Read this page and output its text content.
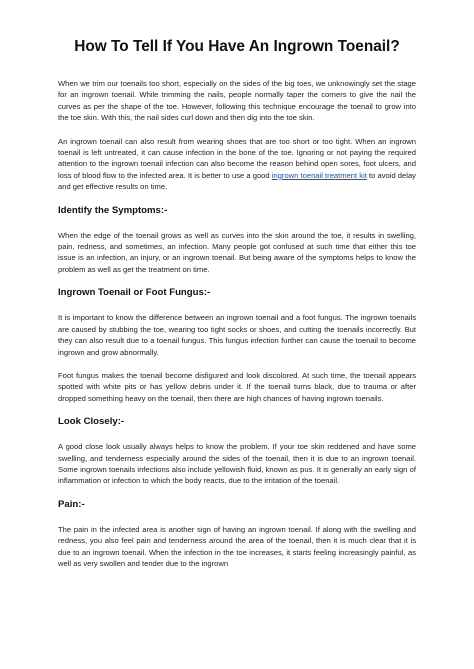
How To Tell If You Have An Ingrown Toenail?

When we trim our toenails too short, especially on the sides of the big toes, we unknowingly set the stage for an ingrown toenail. While trimming the nails, people normally taper the corners to give the nail the curves as per the shape of the toe. However, following this technique encourage the toenail to grow into the toe skin. With this, the nail sides curl down and then dig into the toe skin.

An ingrown toenail can also result from wearing shoes that are too short or too tight. When an ingrown toenail is left untreated, it can cause infection in the bone of the toe. Ignoring or not paying the required attention to the ingrown toenail infection can also become the reason behind open sores, foot ulcers, and loss of blood flow to the infected area. It is better to use a good ingrown toenail treatment kit to avoid delay and get effective results on time.

Identify the Symptoms:-

When the edge of the toenail grows as well as curves into the skin around the toe, it results in swelling, pain, redness, and sometimes, an infection. Many people got confused at such time that either this toe issue is an infection, an injury, or an ingrown toenail. But being aware of the symptoms helps to know the problem as well as get the treatment on time.

Ingrown Toenail or Foot Fungus:-

It is important to know the difference between an ingrown toenail and a foot fungus. The ingrown toenails are caused by stubbing the toe, wearing too tight socks or shoes, and cutting the toenails incorrectly. But they can also result due to a toenail fungus. This fungus infection further can cause the toenail to become ingrown and grow abnormally.

Foot fungus makes the toenail become disfigured and look discolored. At such time, the toenail appears spotted with white pits or has yellow debris under it. If the toenail turns black, due to trauma or after dropped something heavy on the toenail, then there are high chances of having ingrown toenails.

Look Closely:-

A good close look usually always helps to know the problem. If your toe skin reddened and have some swelling, and tenderness especially around the sides of the toenail, then it is due to an ingrown toenail. Some ingrown toenails infections also include yellowish fluid, known as pus. It is generally an early sign of inflammation or infection to which the body reacts, due to the irritation of the toenail.

Pain:-

The pain in the infected area is another sign of having an ingrown toenail. If along with the swelling and redness, you also feel pain and tenderness around the area of the toenail, then it is much clear that it is due to an ingrown toenail. When the infection in the toe increases, it starts feeling increasingly painful, as well as very swollen and tender due to the ingrown
